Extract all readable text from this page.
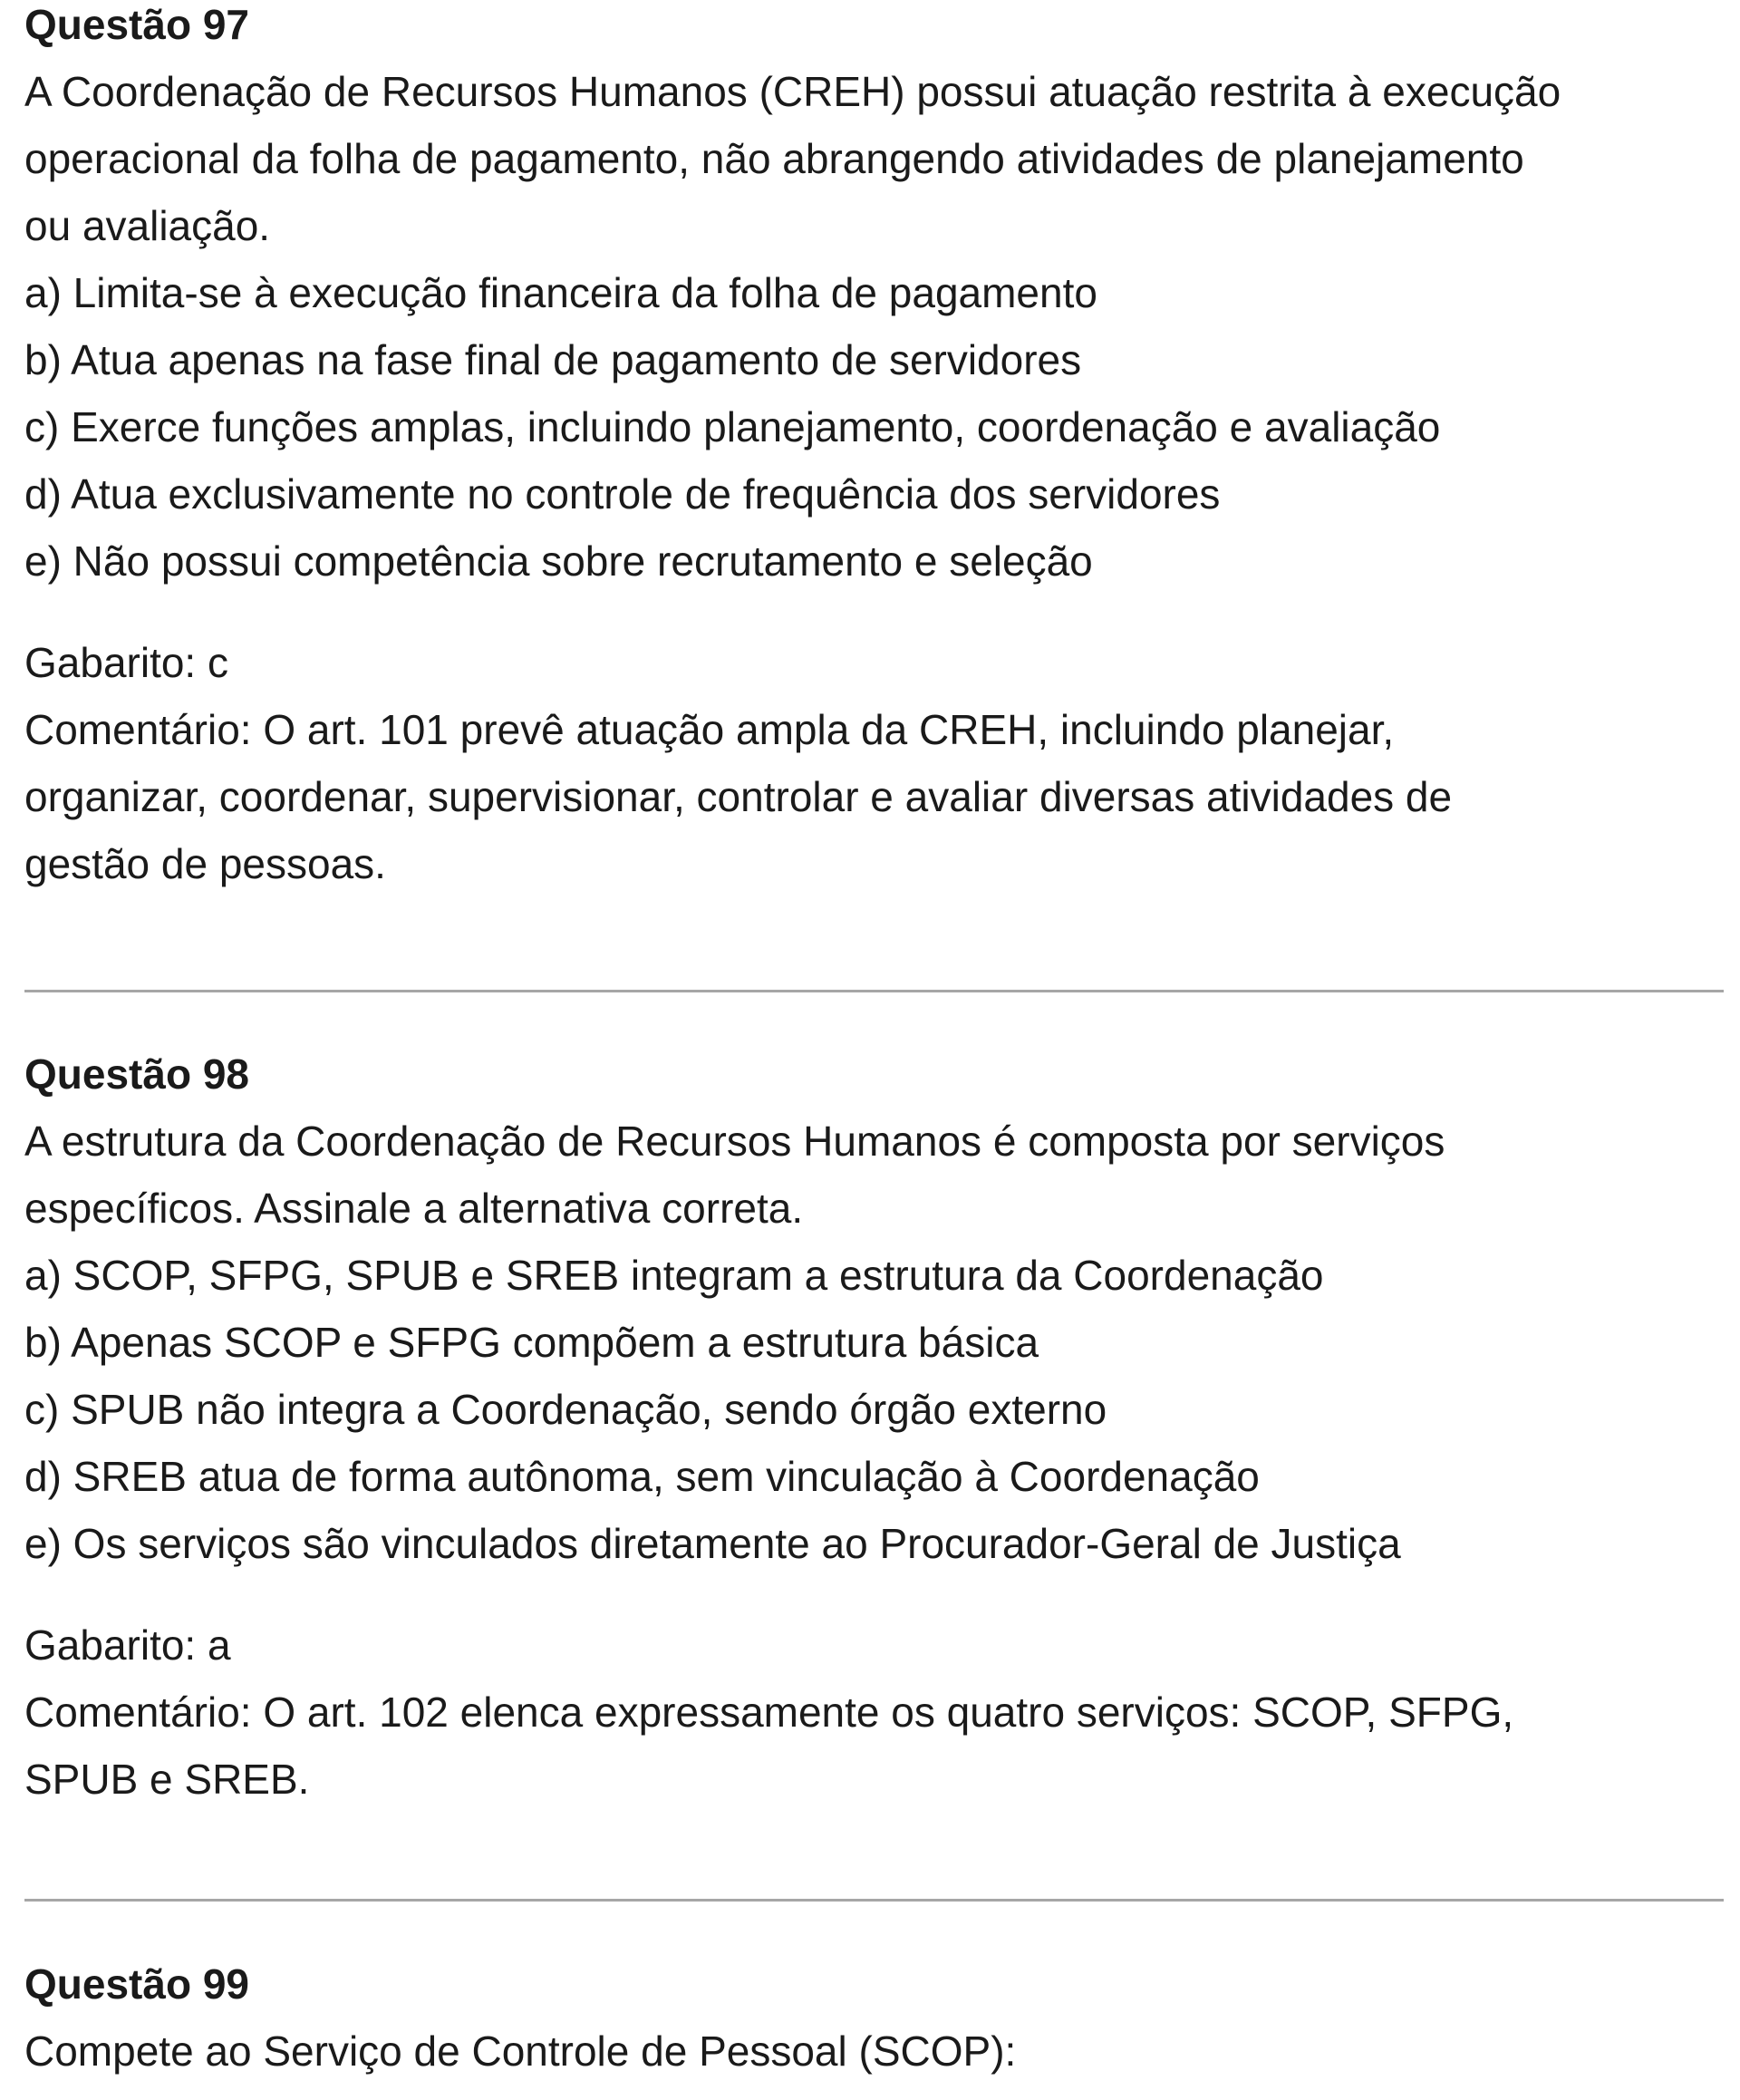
Questão 97
A Coordenação de Recursos Humanos (CREH) possui atuação restrita à execução
operacional da folha de pagamento, não abrangendo atividades de planejamento
ou avaliação.
a) Limita-se à execução financeira da folha de pagamento
b) Atua apenas na fase final de pagamento de servidores
c) Exerce funções amplas, incluindo planejamento, coordenação e avaliação
d) Atua exclusivamente no controle de frequência dos servidores
e) Não possui competência sobre recrutamento e seleção
Gabarito: c
Comentário: O art. 101 prevê atuação ampla da CREH, incluindo planejar,
organizar, coordenar, supervisionar, controlar e avaliar diversas atividades de
gestão de pessoas.
Questão 98
A estrutura da Coordenação de Recursos Humanos é composta por serviços
específicos. Assinale a alternativa correta.
a) SCOP, SFPG, SPUB e SREB integram a estrutura da Coordenação
b) Apenas SCOP e SFPG compõem a estrutura básica
c) SPUB não integra a Coordenação, sendo órgão externo
d) SREB atua de forma autônoma, sem vinculação à Coordenação
e) Os serviços são vinculados diretamente ao Procurador-Geral de Justiça
Gabarito: a
Comentário: O art. 102 elenca expressamente os quatro serviços: SCOP, SFPG,
SPUB e SREB.
Questão 99
Compete ao Serviço de Controle de Pessoal (SCOP):
